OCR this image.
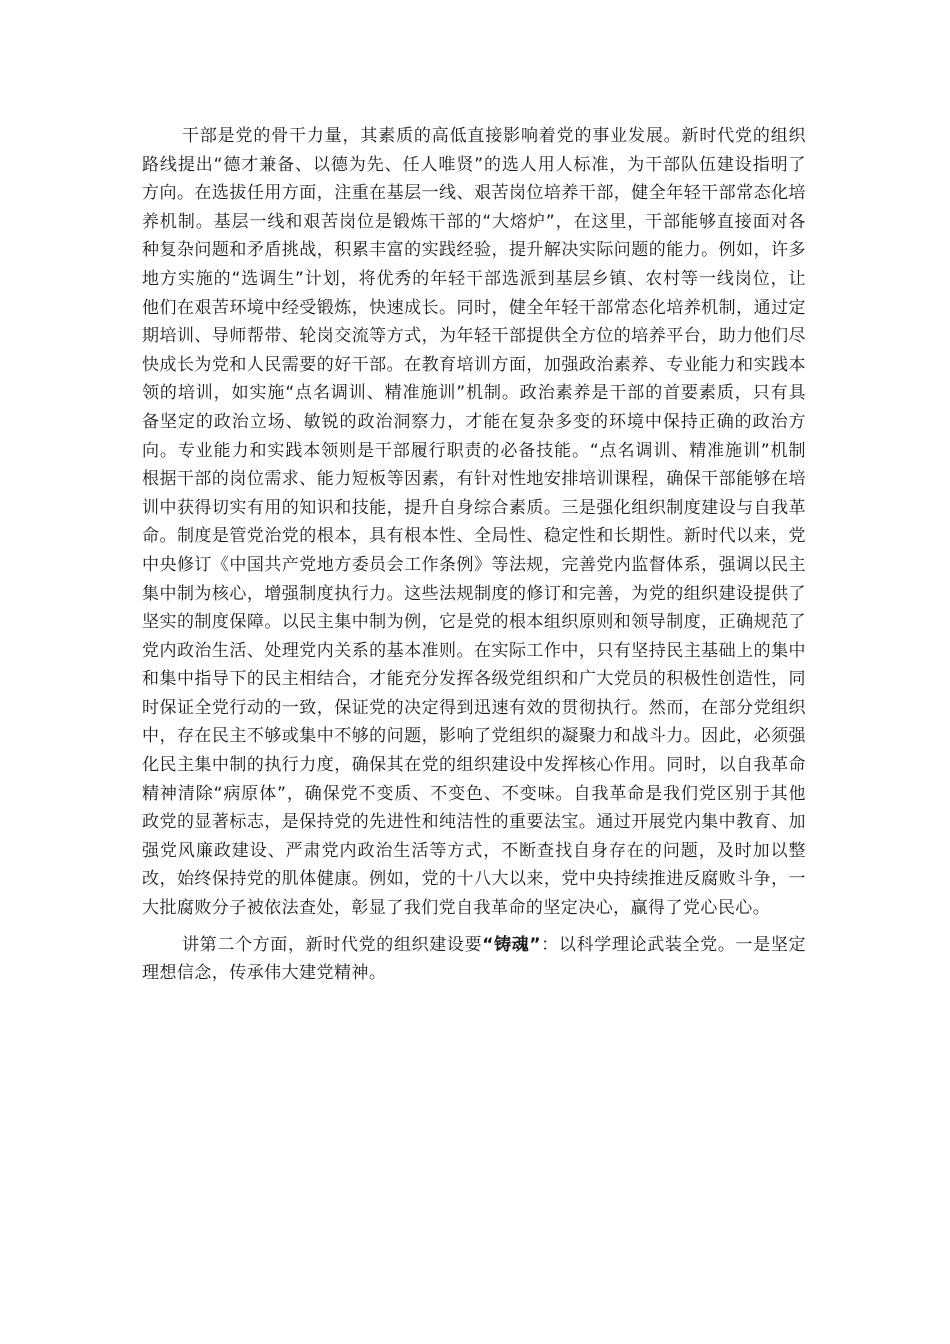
干部是党的骨干力量，其素质的高低直接影响着党的事业发展。新时代党的组织路线提出“德才兼备、以德为先、任人唯贤”的选人用人标准，为干部队伍建设指明了方向。在选拔任用方面，注重在基层一线、艰苦岗位培养干部，健全年轻干部常态化培养机制。基层一线和艰苦岗位是锻炼干部的“大熔炉”，在这里，干部能够直接面对各种复杂问题和矛盾挑战，积累丰富的实践经验，提升解决实际问题的能力。例如，许多地方实施的“选调生”计划，将优秀的年轻干部选派到基层乡镇、农村等一线岗位，让他们在艰苦环境中经受锻炼，快速成长。同时，健全年轻干部常态化培养机制，通过定期培训、导师帮带、轮岗交流等方式，为年轻干部提供全方位的培养平台，助力他们尽快成长为党和人民需要的好干部。在教育培训方面，加强政治素养、专业能力和实践本领的培训，如实施“点名调训、精准施训”机制。政治素养是干部的首要素质，只有具备坚定的政治立场、敏锐的政治洞察力，才能在复杂多变的环境中保持正确的政治方向。专业能力和实践本领则是干部履行职责的必备技能。“点名调训、精准施训”机制根据干部的岗位需求、能力短板等因素，有针对性地安排培训课程，确保干部能够在培训中获得切实有用的知识和技能，提升自身综合素质。三是强化组织制度建设与自我革命。制度是管党治党的根本，具有根本性、全局性、稳定性和长期性。新时代以来，党中央修订《中国共产党地方委员会工作条例》等法规，完善党内监督体系，强调以民主集中制为核心，增强制度执行力。这些法规制度的修订和完善，为党的组织建设提供了坚实的制度保障。以民主集中制为例，它是党的根本组织原则和领导制度，正确规范了党内政治生活、处理党内关系的基本准则。在实际工作中，只有坚持民主基础上的集中和集中指导下的民主相结合，才能充分发挥各级党组织和广大党员的积极性创造性，同时保证全党行动的一致，保证党的决定得到迅速有效的贯彻执行。然而，在部分党组织中，存在民主不够或集中不够的问题，影响了党组织的凝聚力和战斗力。因此，必须强化民主集中制的执行力度，确保其在党的组织建设中发挥核心作用。同时，以自我革命精神清除“病原体”，确保党不变质、不变色、不变味。自我革命是我们党区别于其他政党的显著标志，是保持党的先进性和纯洁性的重要法宝。通过开展党内集中教育、加强党风廉政建设、严肃党内政治生活等方式，不断查找自身存在的问题，及时加以整改，始终保持党的肌体健康。例如，党的十八大以来，党中央持续推进反腐败斗争，一大批腐败分子被依法查处，彰显了我们党自我革命的坚定决心，赢得了党心民心。

讲第二个方面，新时代党的组织建设要“铸魂”：以科学理论武装全党。一是坚定理想信念，传承伟大建党精神。
